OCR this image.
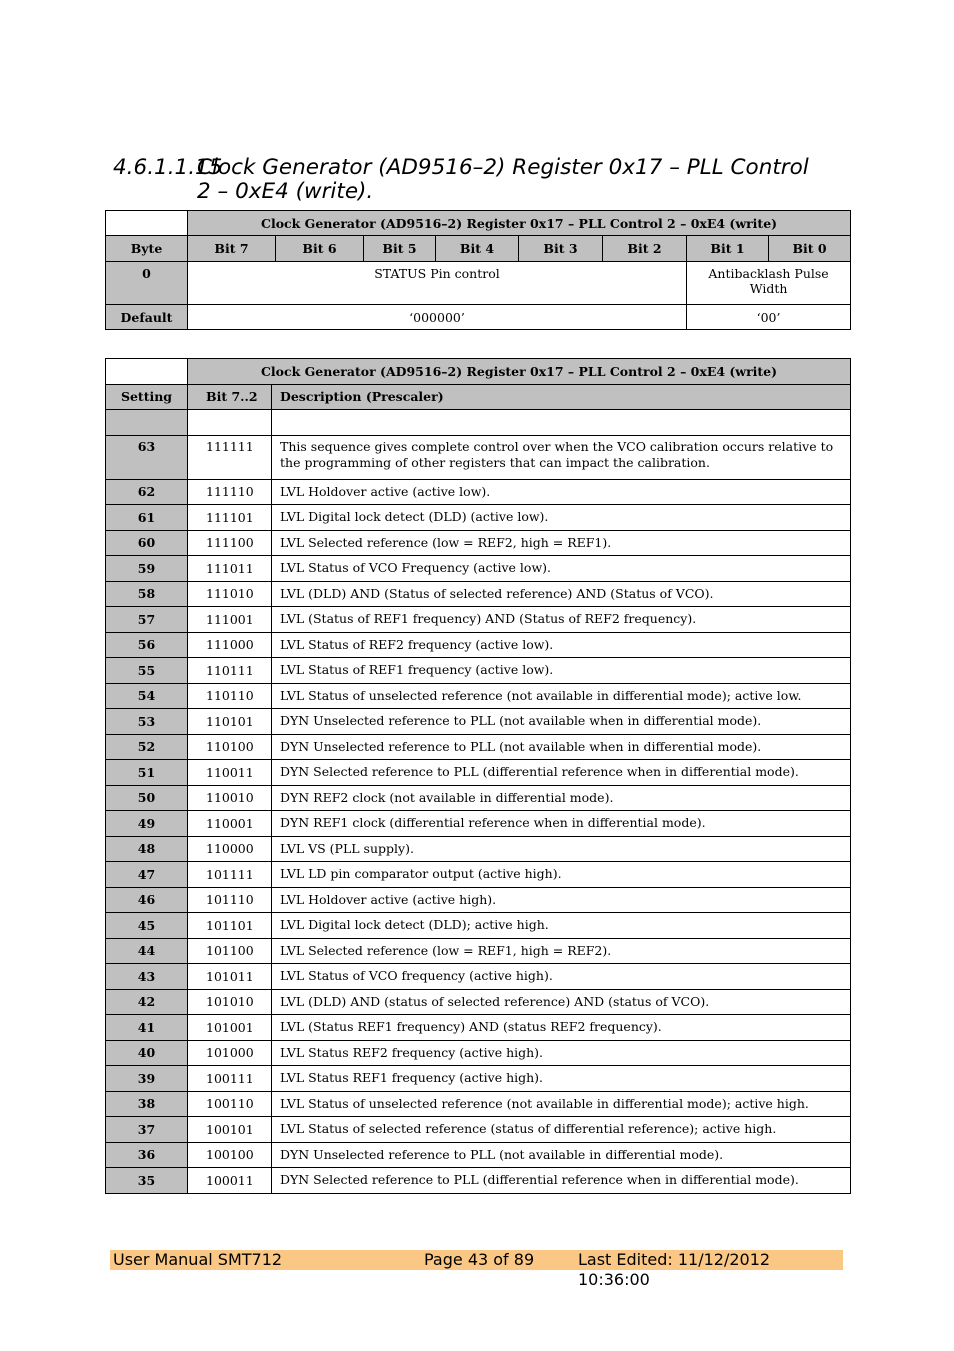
4.6.1.1.15Clock Generator (AD9516–2) Register 0x17 – PLL Control
2 – 0xE4 (write).
	Clock Generator (AD9516–2) Register 0x17 – PLL Control 2 – 0xE4 (write)							
Byte	Bit 7	Bit 6	Bit 5	Bit 4	Bit 3	Bit 2	Bit 1	Bit 0
0	STATUS Pin control						Antibacklash Pulse Width	
Default	‘000000’						‘00’	
	Clock Generator (AD9516–2) Register 0x17 – PLL Control 2 – 0xE4 (write)	
Setting	Bit 7..2	Description (Prescaler)

63	111111	This sequence gives complete control over when the VCO calibration occurs relative to the programming of other registers that can impact the calibration.
62	111110	LVL Holdover active (active low).
61	111101	LVL Digital lock detect (DLD) (active low).
60	111100	LVL Selected reference (low = REF2, high = REF1).
59	111011	LVL Status of VCO Frequency (active low).
58	111010	LVL (DLD) AND (Status of selected reference) AND (Status of VCO).
57	111001	LVL (Status of REF1 frequency) AND (Status of REF2 frequency).
56	111000	LVL Status of REF2 frequency (active low).
55	110111	LVL Status of REF1 frequency (active low).
54	110110	LVL Status of unselected reference (not available in differential mode); active low.
53	110101	DYN Unselected reference to PLL (not available when in differential mode).
52	110100	DYN Unselected reference to PLL (not available when in differential mode).
51	110011	DYN Selected reference to PLL (differential reference when in differential mode).
50	110010	DYN REF2 clock (not available in differential mode).
49	110001	DYN REF1 clock (differential reference when in differential mode).
48	110000	LVL VS (PLL supply).
47	101111	LVL LD pin comparator output (active high).
46	101110	LVL Holdover active (active high).
45	101101	LVL Digital lock detect (DLD); active high.
44	101100	LVL Selected reference (low = REF1, high = REF2).
43	101011	LVL Status of VCO frequency (active high).
42	101010	LVL (DLD) AND (status of selected reference) AND (status of VCO).
41	101001	LVL (Status REF1 frequency) AND (status REF2 frequency).
40	101000	LVL Status REF2 frequency (active high).
39	100111	LVL Status REF1 frequency (active high).
38	100110	LVL Status of unselected reference (not available in differential mode); active high.
37	100101	LVL Status of selected reference (status of differential reference); active high.
36	100100	DYN Unselected reference to PLL (not available in differential mode).
35	100011	DYN Selected reference to PLL (differential reference when in differential mode).
User Manual SMT712	Page 43 of 89	Last Edited: 11/12/2012 10:36:00
